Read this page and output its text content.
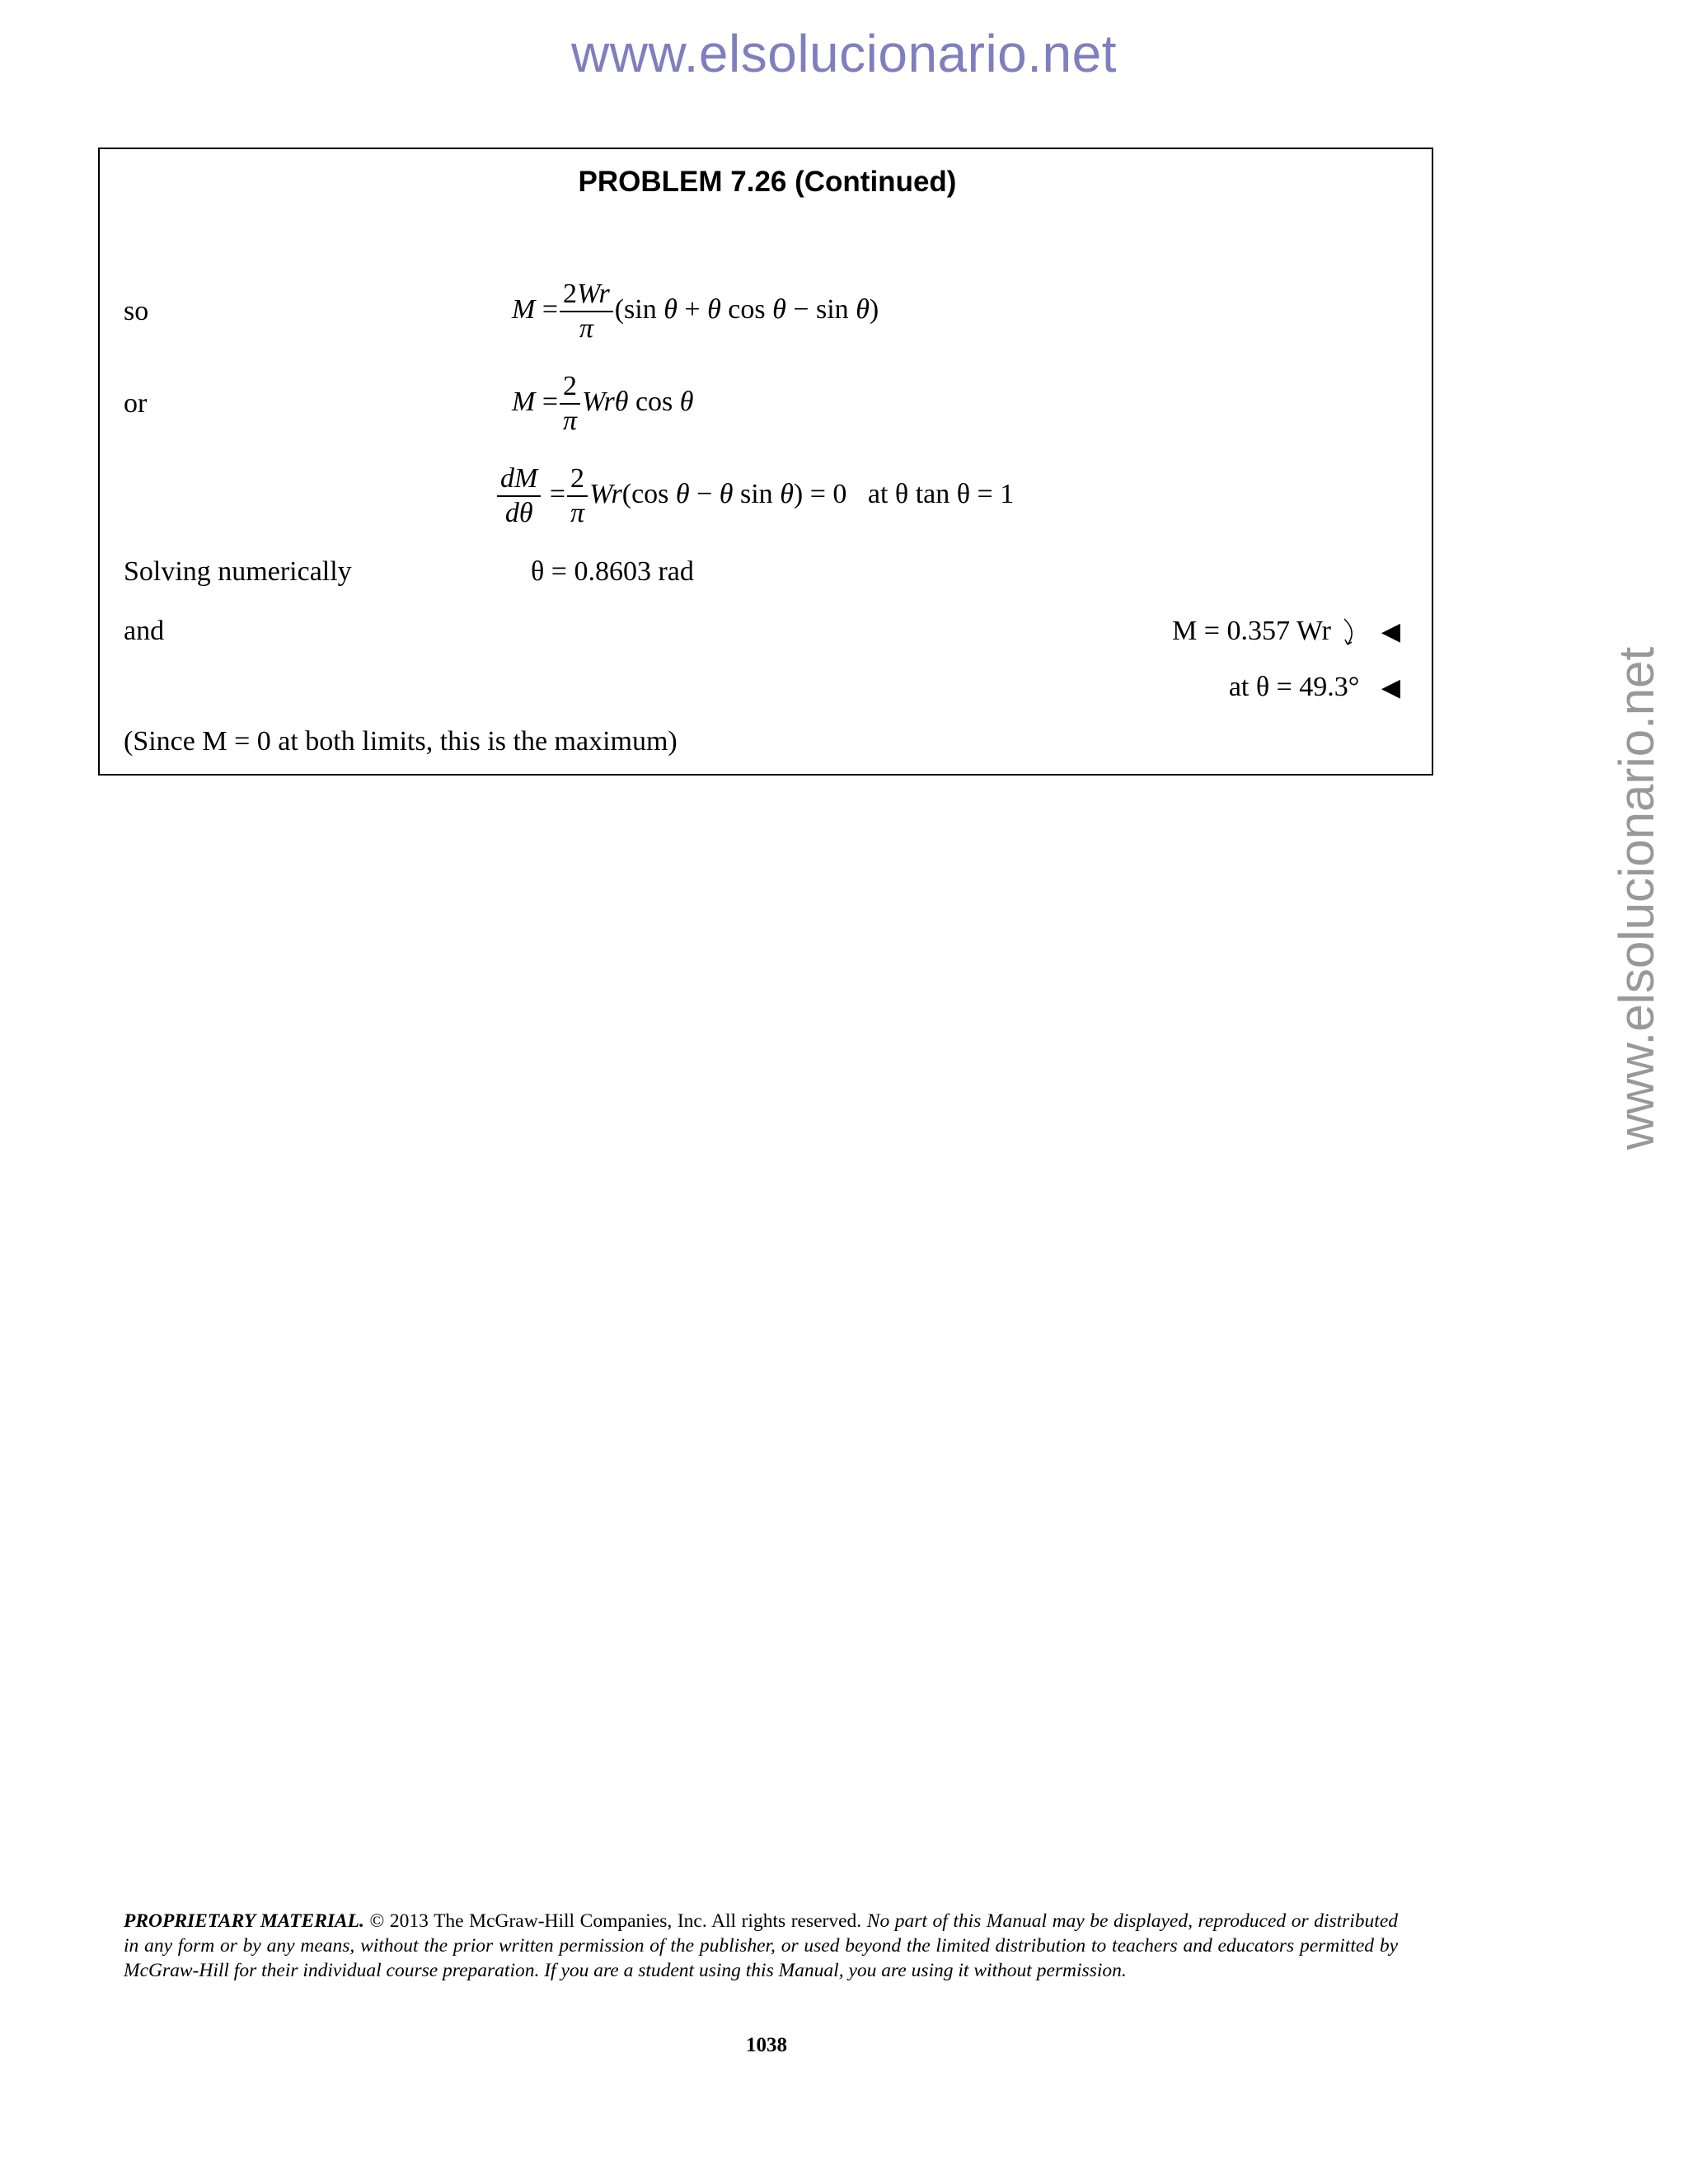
www.elsolucionario.net
www.elsolucionario.net
PROBLEM 7.26 (Continued)
so	$M = \frac{2Wr}{\pi} (\sin$ θ + θ cos θ − sin θ)
or	$M = \frac{2}{\pi}$ Wrθ cos θ
$\frac{dM}{d\theta} = \frac{2}{\pi} Wr(\cos$ θ − θ sin θ) = 0   at θ tan θ = 1
Solving numerically	θ = 0.8603 rad
and	M = 0.357 Wr ◀
at θ = 49.3° ◀
(Since M = 0 at both limits, this is the maximum)
PROPRIETARY MATERIAL. © 2013 The McGraw-Hill Companies, Inc. All rights reserved. No part of this Manual may be displayed, reproduced or distributed in any form or by any means, without the prior written permission of the publisher, or used beyond the limited distribution to teachers and educators permitted by McGraw-Hill for their individual course preparation. If you are a student using this Manual, you are using it without permission.
1038
